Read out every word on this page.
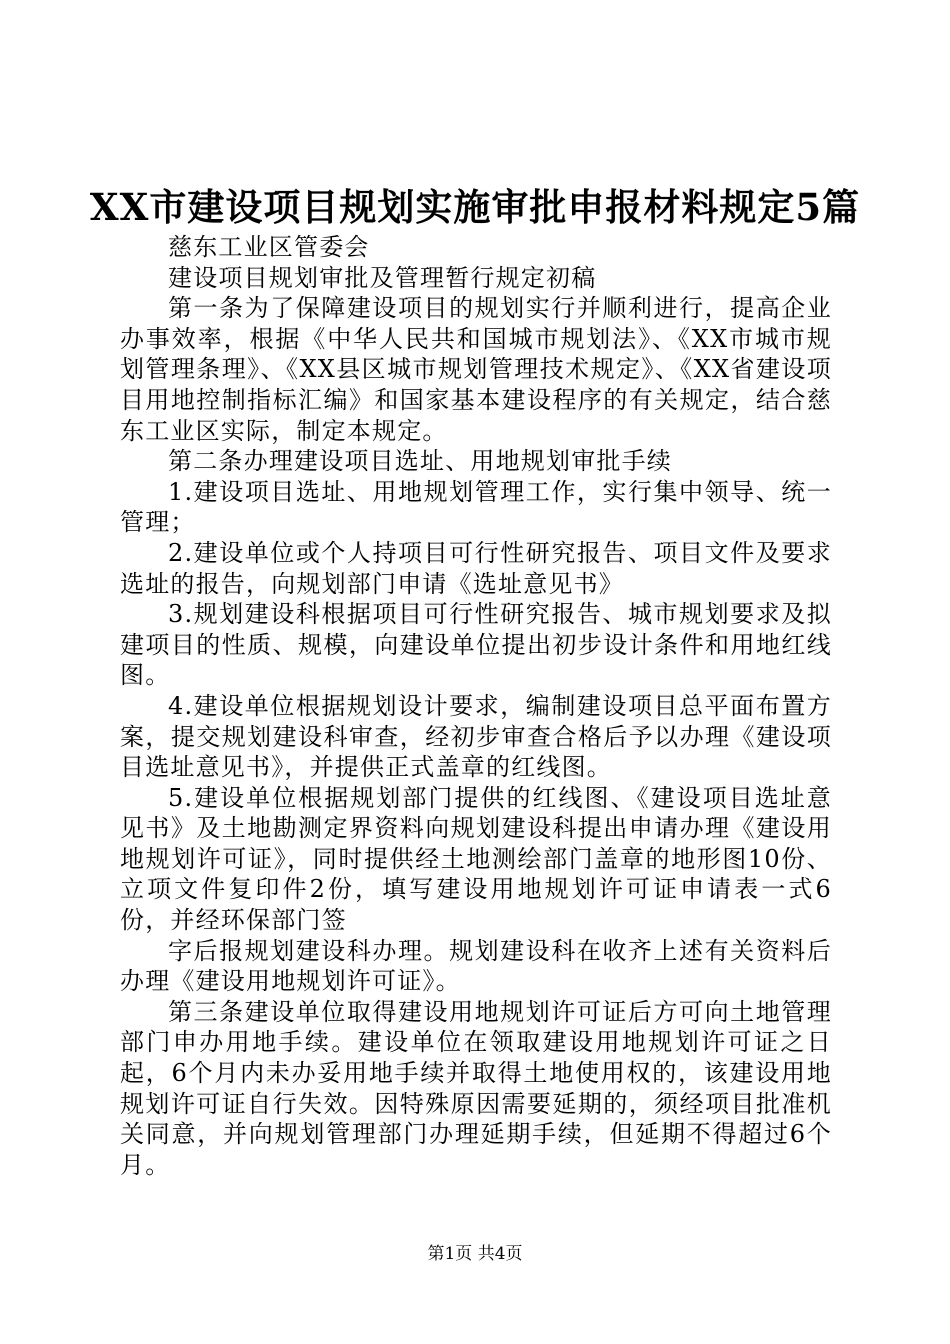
XX市建设项目规划实施审批申报材料规定5篇

慈东工业区管委会

建设项目规划审批及管理暂行规定初稿

第一条为了保障建设项目的规划实行并顺利进行，提高企业办事效率，根据《中华人民共和国城市规划法》、《XX市城市规划管理条理》、《XX县区城市规划管理技术规定》、《XX省建设项目用地控制指标汇编》和国家基本建设程序的有关规定，结合慈东工业区实际，制定本规定。

第二条办理建设项目选址、用地规划审批手续

1.建设项目选址、用地规划管理工作，实行集中领导、统一管理；

2.建设单位或个人持项目可行性研究报告、项目文件及要求选址的报告，向规划部门申请《选址意见书》

3.规划建设科根据项目可行性研究报告、城市规划要求及拟建项目的性质、规模，向建设单位提出初步设计条件和用地红线图。

4.建设单位根据规划设计要求，编制建设项目总平面布置方案，提交规划建设科审查，经初步审查合格后予以办理《建设项目选址意见书》，并提供正式盖章的红线图。

5.建设单位根据规划部门提供的红线图、《建设项目选址意见书》及土地勘测定界资料向规划建设科提出申请办理《建设用地规划许可证》，同时提供经土地测绘部门盖章的地形图10份、立项文件复印件2份，填写建设用地规划许可证申请表一式6份，并经环保部门签

字后报规划建设科办理。规划建设科在收齐上述有关资料后办理《建设用地规划许可证》。

第三条建设单位取得建设用地规划许可证后方可向土地管理部门申办用地手续。建设单位在领取建设用地规划许可证之日起，6个月内未办妥用地手续并取得土地使用权的，该建设用地规划许可证自行失效。因特殊原因需要延期的，须经项目批准机关同意，并向规划管理部门办理延期手续，但延期不得超过6个月。

第1页 共4页
